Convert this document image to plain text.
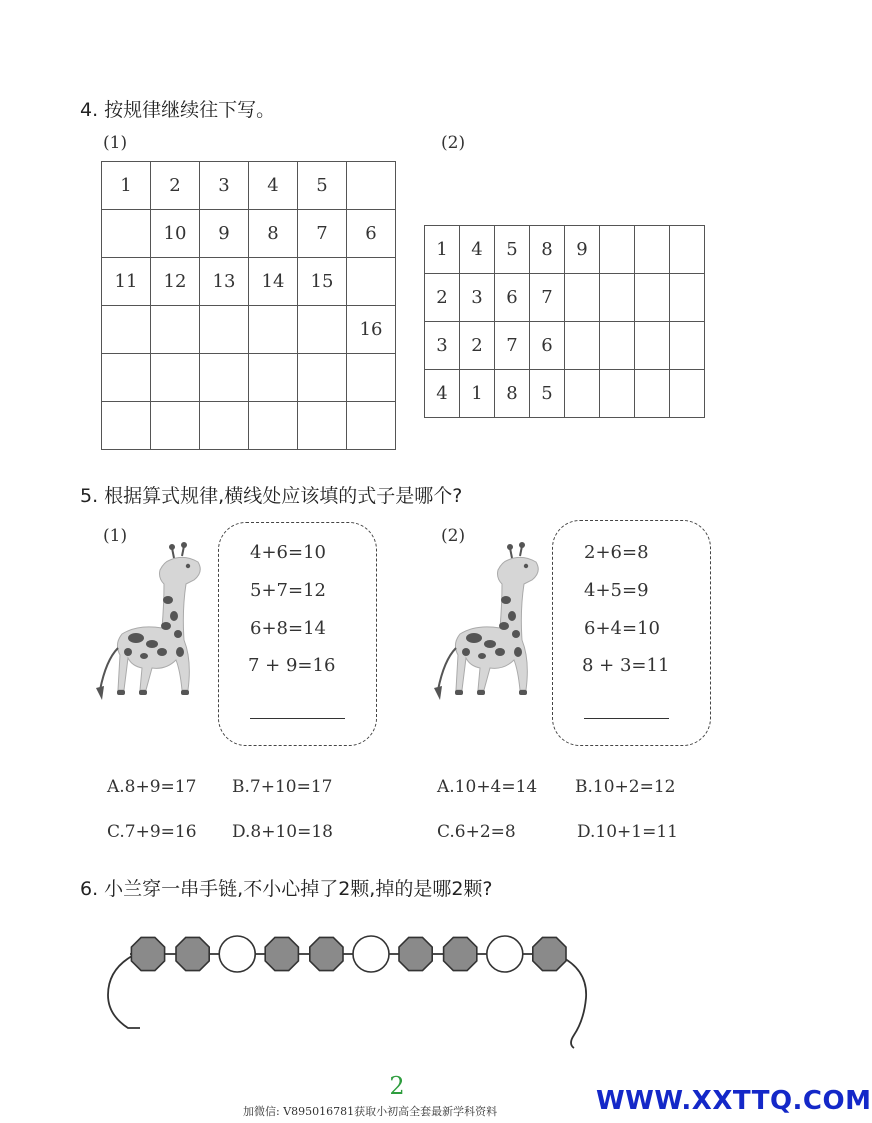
4. 按规律继续往下写。
(1)	(2)
1	2	3	4	5	
	10	9	8	7	6
11	12	13	14	15	
					16

1	4	5	8	9			
2	3	6	7				
3	2	7	6				
4	1	8	5				
5. 根据算式规律,横线处应该填的式子是哪个?
(1)
4+6=10
5+7=12
6+8=14
7 + 9=16
(2)
2+6=8
4+5=9
6+4=10
8 + 3=11
A.8+9=17 B.7+10=17
C.7+9=16 D.8+10=18
A.10+4=14 B.10+2=12
C.6+2=8	D.10+1=11
6. 小兰穿一串手链,不小心掉了2颗,掉的是哪2颗?
2
加微信: V895016781获取小初高全套最新学科资料	WWW.XXTTQ.COM
